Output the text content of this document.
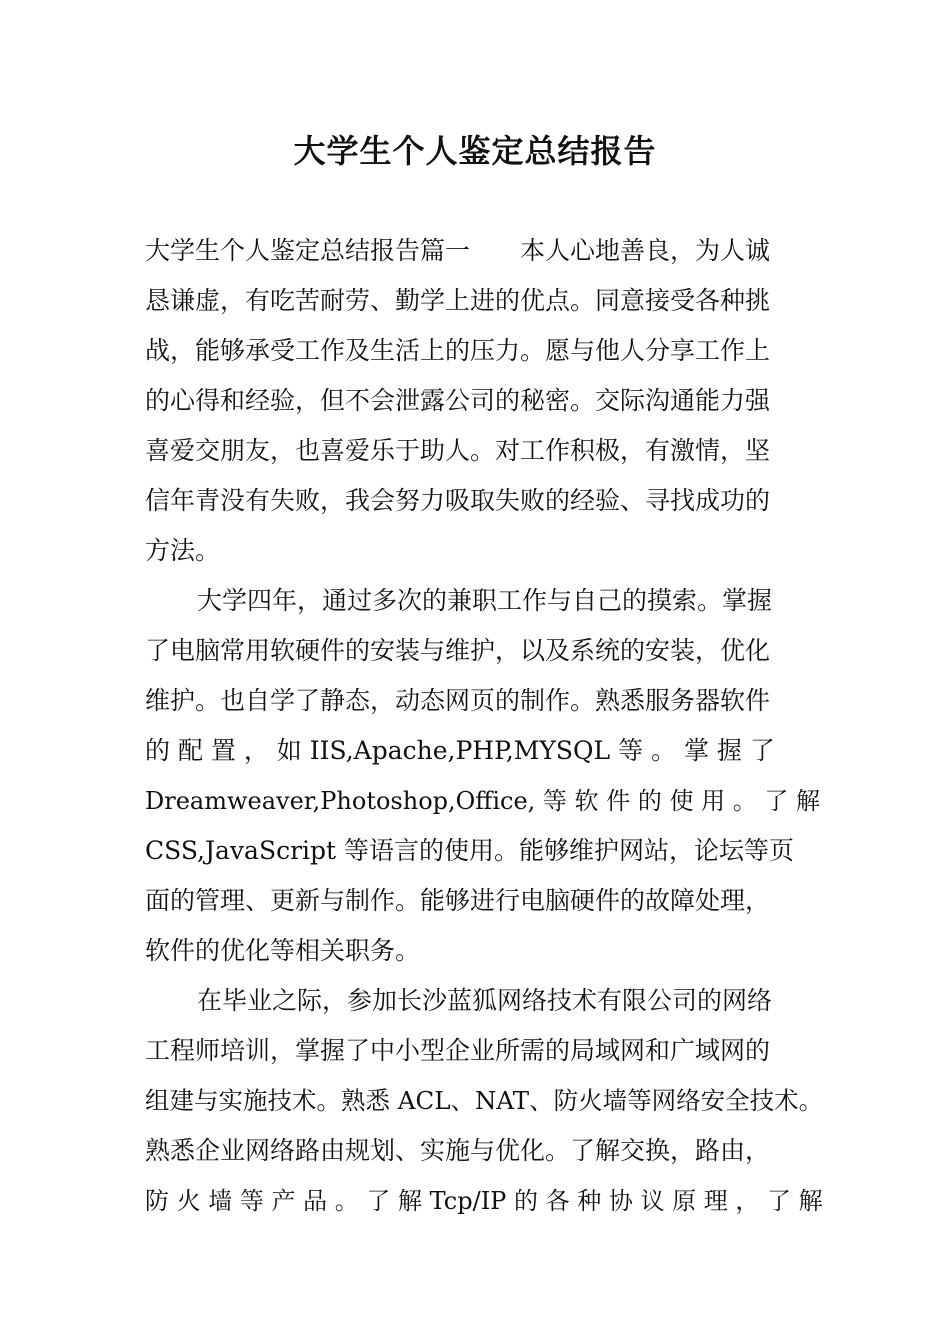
大学生个人鉴定总结报告
大学生个人鉴定总结报告篇一　　本人心地善良，为人诚
恳谦虚，有吃苦耐劳、勤学上进的优点。同意接受各种挑
战，能够承受工作及生活上的压力。愿与他人分享工作上
的心得和经验，但不会泄露公司的秘密。交际沟通能力强
喜爱交朋友，也喜爱乐于助人。对工作积极，有激情，坚
信年青没有失败，我会努力吸取失败的经验、寻找成功的
方法。
大学四年，通过多次的兼职工作与自己的摸索。掌握
了电脑常用软硬件的安装与维护，以及系统的安装，优化
维护。也自学了静态，动态网页的制作。熟悉服务器软件
的 配 置 ， 如 IIS,Apache,PHP,MYSQL 等 。 掌 握 了
Dreamweaver,Photoshop,Office, 等 软 件 的 使 用 。 了 解
CSS,JavaScript 等语言的使用。能够维护网站，论坛等页
面的管理、更新与制作。能够进行电脑硬件的故障处理，
软件的优化等相关职务。
在毕业之际，参加长沙蓝狐网络技术有限公司的网络
工程师培训，掌握了中小型企业所需的局域网和广域网的
组建与实施技术。熟悉 ACL、NAT、防火墙等网络安全技术。
熟悉企业网络路由规划、实施与优化。了解交换，路由，
防 火 墙 等 产 品 。 了 解 Tcp/IP 的 各 种 协 议 原 理 ， 了 解
